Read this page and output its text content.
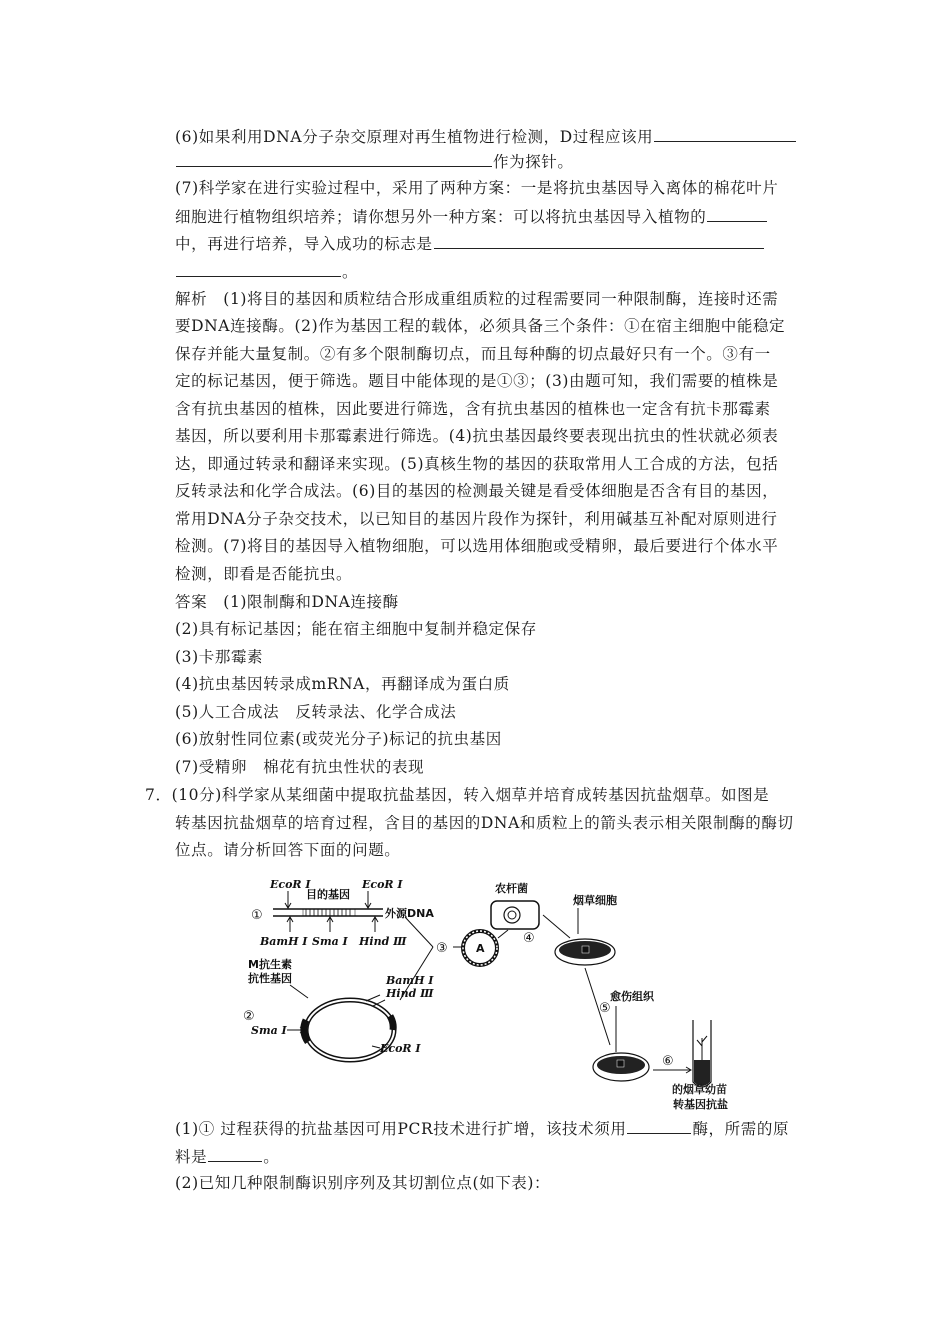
(6)如果利用DNA分子杂交原理对再生植物进行检测，D过程应该用
作为探针。
(7)科学家在进行实验过程中，采用了两种方案：一是将抗虫基因导入离体的棉花叶片
细胞进行植物组织培养；请你想另外一种方案：可以将抗虫基因导入植物的
中，再进行培养，导入成功的标志是
。
解析　(1)将目的基因和质粒结合形成重组质粒的过程需要同一种限制酶，连接时还需
要DNA连接酶。(2)作为基因工程的载体，必须具备三个条件：①在宿主细胞中能稳定
保存并能大量复制。②有多个限制酶切点，而且每种酶的切点最好只有一个。③有一
定的标记基因，便于筛选。题目中能体现的是①③；(3)由题可知，我们需要的植株是
含有抗虫基因的植株，因此要进行筛选，含有抗虫基因的植株也一定含有抗卡那霉素
基因，所以要利用卡那霉素进行筛选。(4)抗虫基因最终要表现出抗虫的性状就必须表
达，即通过转录和翻译来实现。(5)真核生物的基因的获取常用人工合成的方法，包括
反转录法和化学合成法。(6)目的基因的检测最关键是看受体细胞是否含有目的基因，
常用DNA分子杂交技术，以已知目的基因片段作为探针，利用碱基互补配对原则进行
检测。(7)将目的基因导入植物细胞，可以选用体细胞或受精卵，最后要进行个体水平
检测，即看是否能抗虫。
答案　(1)限制酶和DNA连接酶
(2)具有标记基因；能在宿主细胞中复制并稳定保存
(3)卡那霉素
(4)抗虫基因转录成mRNA，再翻译成为蛋白质
(5)人工合成法　反转录法、化学合成法
(6)放射性同位素(或荧光分子)标记的抗虫基因
(7)受精卵　棉花有抗虫性状的表现
7．(10分)科学家从某细菌中提取抗盐基因，转入烟草并培育成转基因抗盐烟草。如图是
转基因抗盐烟草的培育过程，含目的基因的DNA和质粒上的箭头表示相关限制酶的酶切
位点。请分析回答下面的问题。
①
EcoR Ⅰ
目的基因
EcoR Ⅰ
外源DNA
BamH Ⅰ Sma Ⅰ Hind Ⅲ
M抗生素
抗性基因
②
Sma Ⅰ
BamH Ⅰ
Hind Ⅲ
EcoR Ⅰ
③	A
农杆菌
④
烟草细胞
⑤
愈伤组织
⑥
转基因抗盐
的烟草幼苗
(1)① 过程获得的抗盐基因可用PCR技术进行扩增，该技术须用	酶，所需的原
料是	。
(2)已知几种限制酶识别序列及其切割位点(如下表)：
